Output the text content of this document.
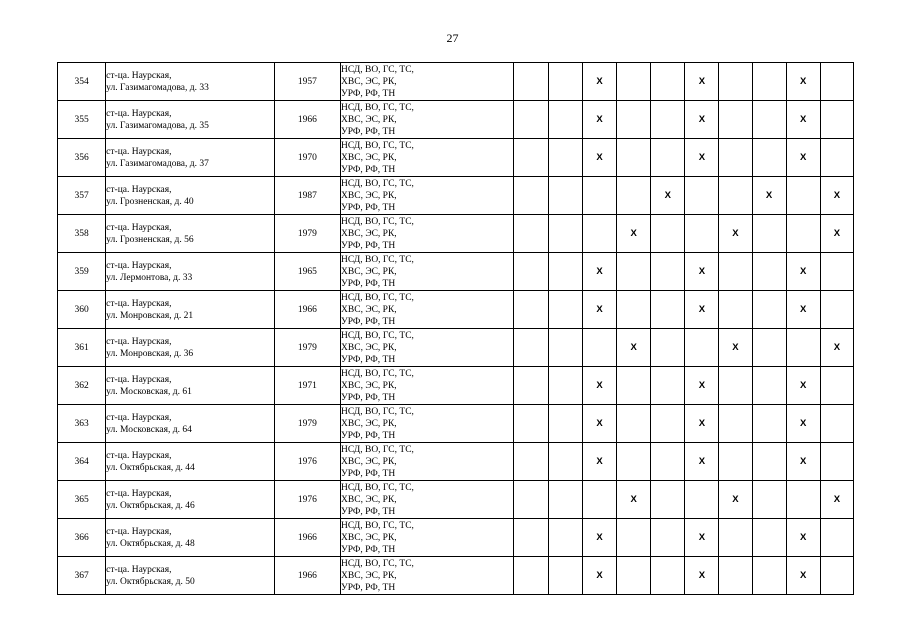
27
354	ст-ца. Наурская,
ул. Газимагомадова, д. 33	1957	НСД, ВО, ГС, ТС,
ХВС, ЭС, РК,
УРФ, РФ, ТН			X			X			X	
355	ст-ца. Наурская,
ул. Газимагомадова, д. 35	1966	НСД, ВО, ГС, ТС,
ХВС, ЭС, РК,
УРФ, РФ, ТН			X			X			X	
356	ст-ца. Наурская,
ул. Газимагомадова, д. 37	1970	НСД, ВО, ГС, ТС,
ХВС, ЭС, РК,
УРФ, РФ, ТН			X			X			X	
357	ст-ца. Наурская,
ул. Грозненская, д. 40	1987	НСД, ВО, ГС, ТС,
ХВС, ЭС, РК,
УРФ, РФ, ТН					X			X		X
358	ст-ца. Наурская,
ул. Грозненская, д. 56	1979	НСД, ВО, ГС, ТС,
ХВС, ЭС, РК,
УРФ, РФ, ТН				X			X			X
359	ст-ца. Наурская,
ул. Лермонтова, д. 33	1965	НСД, ВО, ГС, ТС,
ХВС, ЭС, РК,
УРФ, РФ, ТН			X			X			X	
360	ст-ца. Наурская,
ул. Монровская, д. 21	1966	НСД, ВО, ГС, ТС,
ХВС, ЭС, РК,
УРФ, РФ, ТН			X			X			X	
361	ст-ца. Наурская,
ул. Монровская, д. 36	1979	НСД, ВО, ГС, ТС,
ХВС, ЭС, РК,
УРФ, РФ, ТН				X			X			X
362	ст-ца. Наурская,
ул. Московская, д. 61	1971	НСД, ВО, ГС, ТС,
ХВС, ЭС, РК,
УРФ, РФ, ТН			X			X			X	
363	ст-ца. Наурская,
ул. Московская, д. 64	1979	НСД, ВО, ГС, ТС,
ХВС, ЭС, РК,
УРФ, РФ, ТН			X			X			X	
364	ст-ца. Наурская,
ул. Октябрьская, д. 44	1976	НСД, ВО, ГС, ТС,
ХВС, ЭС, РК,
УРФ, РФ, ТН			X			X			X	
365	ст-ца. Наурская,
ул. Октябрьская, д. 46	1976	НСД, ВО, ГС, ТС,
ХВС, ЭС, РК,
УРФ, РФ, ТН				X			X			X
366	ст-ца. Наурская,
ул. Октябрьская, д. 48	1966	НСД, ВО, ГС, ТС,
ХВС, ЭС, РК,
УРФ, РФ, ТН			X			X			X	
367	ст-ца. Наурская,
ул. Октябрьская, д. 50	1966	НСД, ВО, ГС, ТС,
ХВС, ЭС, РК,
УРФ, РФ, ТН			X			X			X	
